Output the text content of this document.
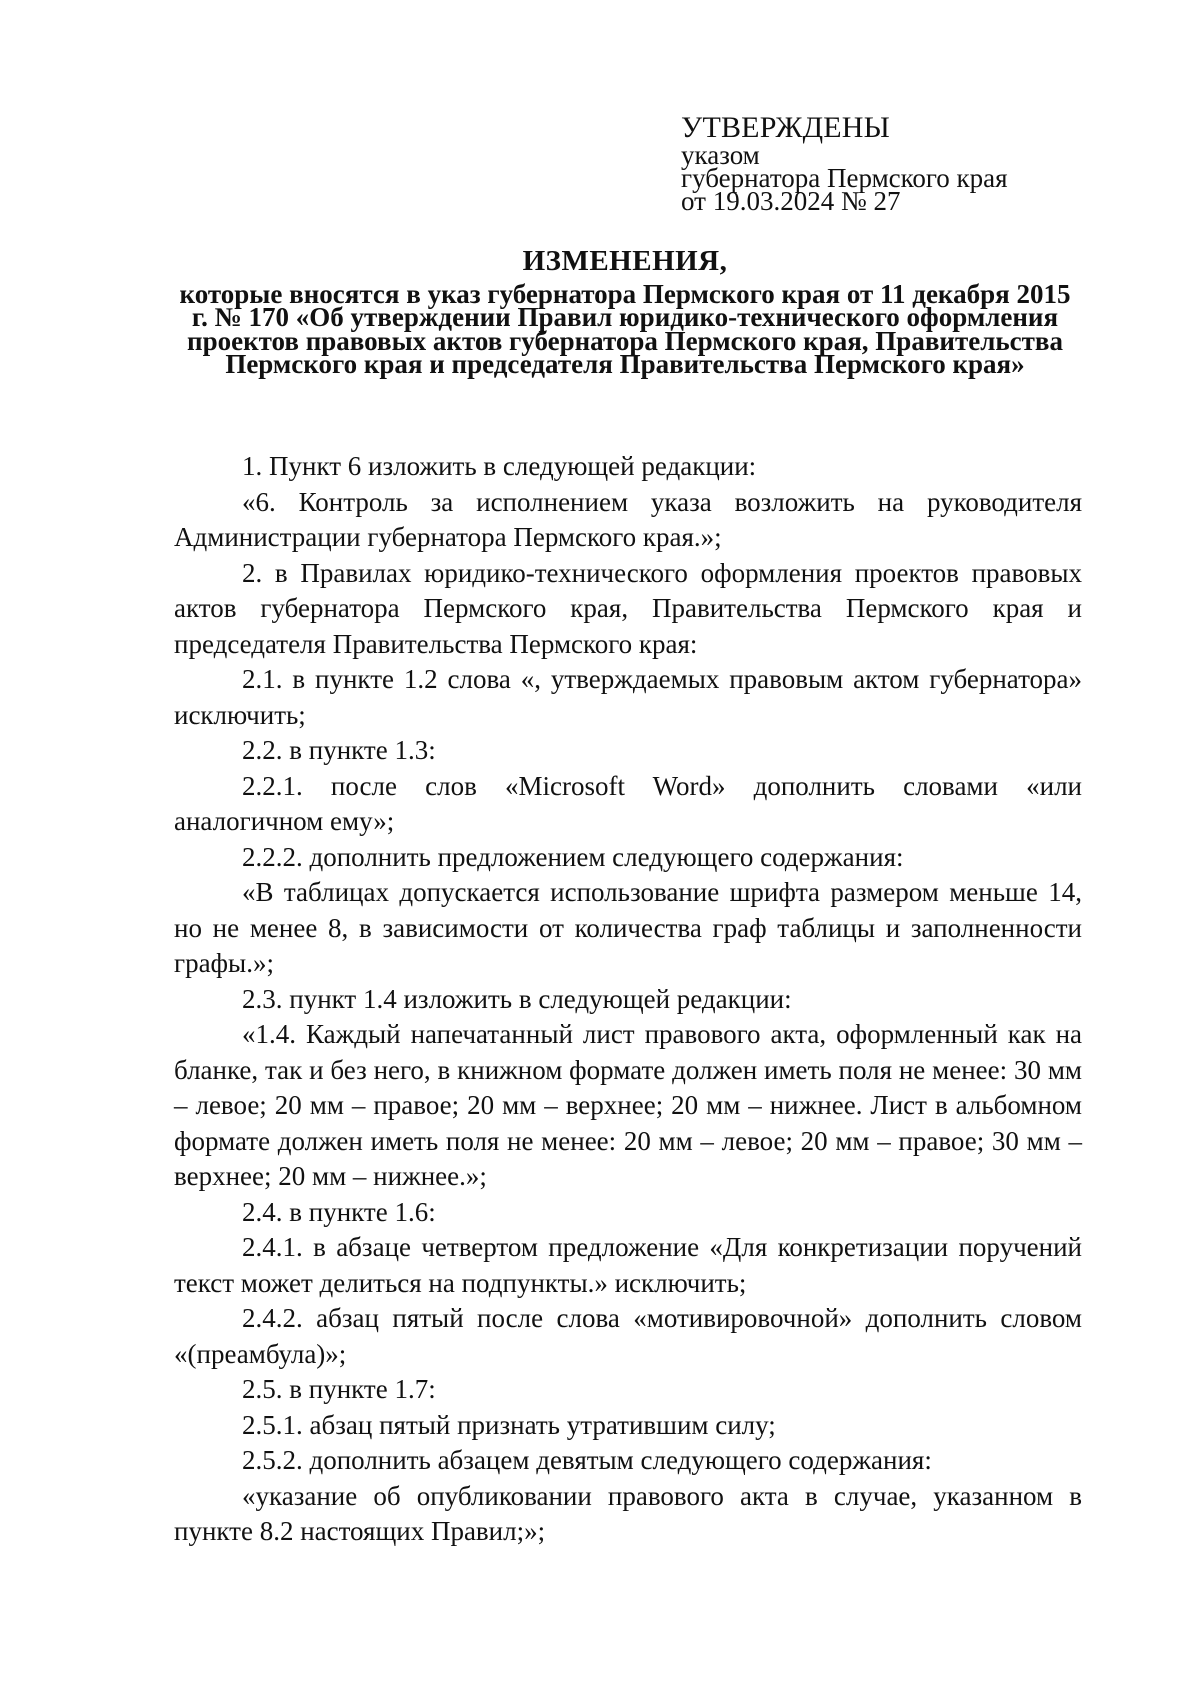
УТВЕРЖДЕНЫ

указом

губернатора Пермского края

от 19.03.2024 № 27

ИЗМЕНЕНИЯ,

которые вносятся в указ губернатора Пермского края от 11 декабря 2015 г. № 170 «Об утверждении Правил юридико-технического оформления проектов правовых актов губернатора Пермского края, Правительства Пермского края и председателя Правительства Пермского края»

1. Пункт 6 изложить в следующей редакции:

«6. Контроль за исполнением указа возложить на руководителя Администрации губернатора Пермского края.»;

2. в Правилах юридико-технического оформления проектов правовых актов губернатора Пермского края, Правительства Пермского края и председателя Правительства Пермского края:

2.1. в пункте 1.2 слова «, утверждаемых правовым актом губернатора» исключить;

2.2. в пункте 1.3:

2.2.1. после слов «Microsoft Word» дополнить словами «или аналогичном ему»;

2.2.2. дополнить предложением следующего содержания:

«В таблицах допускается использование шрифта размером меньше 14, но не менее 8, в зависимости от количества граф таблицы и заполненности графы.»;

2.3. пункт 1.4 изложить в следующей редакции:

«1.4. Каждый напечатанный лист правового акта, оформленный как на бланке, так и без него, в книжном формате должен иметь поля не менее: 30 мм – левое; 20 мм – правое; 20 мм – верхнее; 20 мм – нижнее. Лист в альбомном формате должен иметь поля не менее: 20 мм – левое; 20 мм – правое; 30 мм – верхнее; 20 мм – нижнее.»;

2.4. в пункте 1.6:

2.4.1. в абзаце четвертом предложение «Для конкретизации поручений текст может делиться на подпункты.» исключить;

2.4.2. абзац пятый после слова «мотивировочной» дополнить словом «(преамбула)»;

2.5. в пункте 1.7:

2.5.1. абзац пятый признать утратившим силу;

2.5.2. дополнить абзацем девятым следующего содержания:

«указание об опубликовании правового акта в случае, указанном в пункте 8.2 настоящих Правил;»;
